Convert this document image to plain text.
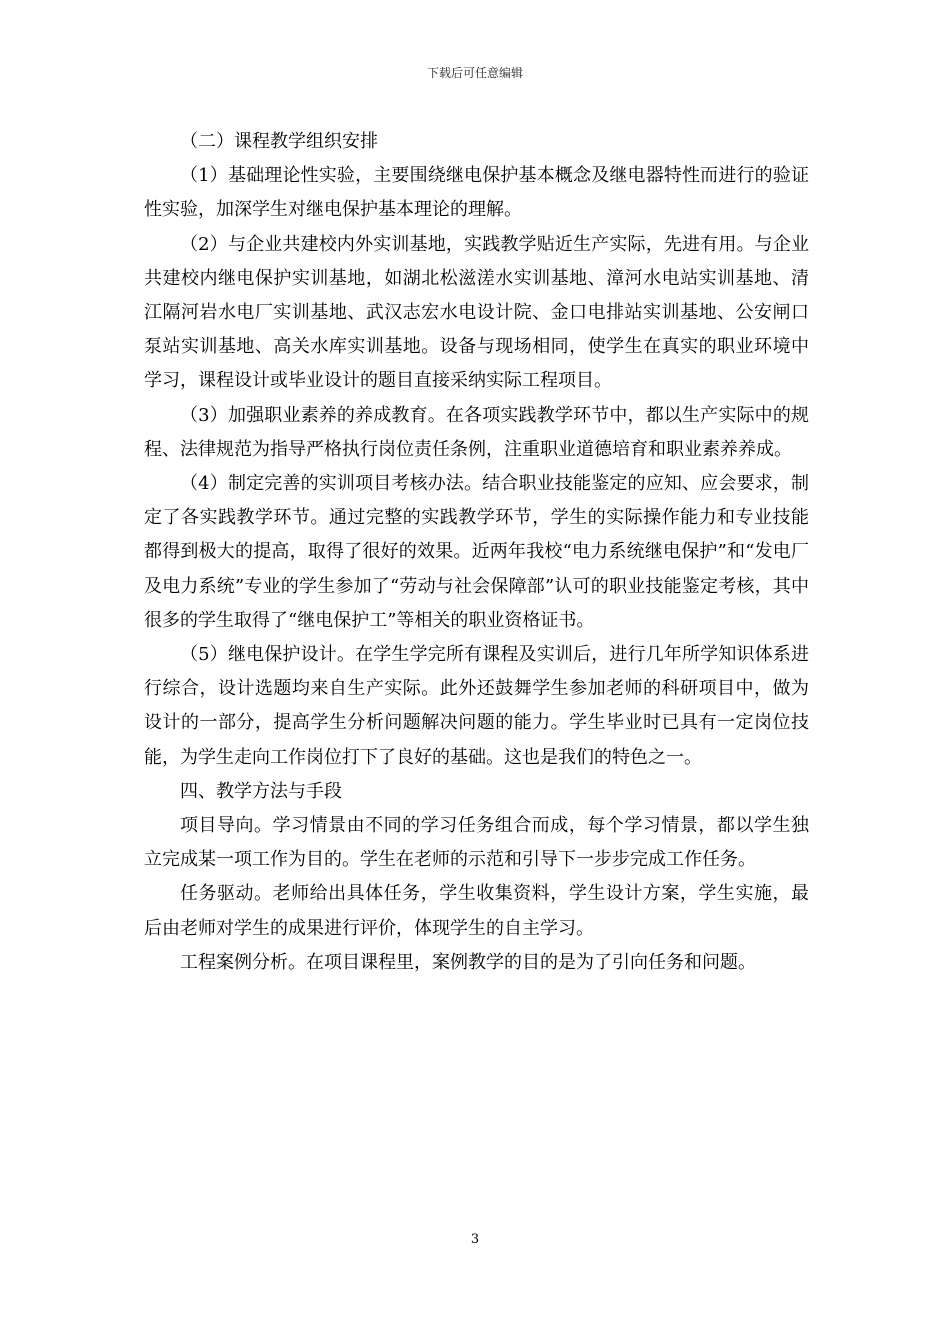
下载后可任意编辑

（二）课程教学组织安排

（1）基础理论性实验，主要围绕继电保护基本概念及继电器特性而进行的验证性实验，加深学生对继电保护基本理论的理解。

（2）与企业共建校内外实训基地，实践教学贴近生产实际，先进有用。与企业共建校内继电保护实训基地，如湖北松滋溠水实训基地、漳河水电站实训基地、清江隔河岩水电厂实训基地、武汉志宏水电设计院、金口电排站实训基地、公安闸口泵站实训基地、高关水库实训基地。设备与现场相同，使学生在真实的职业环境中学习，课程设计或毕业设计的题目直接采纳实际工程项目。

（3）加强职业素养的养成教育。在各项实践教学环节中，都以生产实际中的规程、法律规范为指导严格执行岗位责任条例，注重职业道德培育和职业素养养成。

（4）制定完善的实训项目考核办法。结合职业技能鉴定的应知、应会要求，制定了各实践教学环节。通过完整的实践教学环节，学生的实际操作能力和专业技能都得到极大的提高，取得了很好的效果。近两年我校“电力系统继电保护”和“发电厂及电力系统”专业的学生参加了“劳动与社会保障部”认可的职业技能鉴定考核，其中很多的学生取得了“继电保护工”等相关的职业资格证书。

（5）继电保护设计。在学生学完所有课程及实训后，进行几年所学知识体系进行综合，设计选题均来自生产实际。此外还鼓舞学生参加老师的科研项目中，做为设计的一部分，提高学生分析问题解决问题的能力。学生毕业时已具有一定岗位技能，为学生走向工作岗位打下了良好的基础。这也是我们的特色之一。

四、教学方法与手段

项目导向。学习情景由不同的学习任务组合而成，每个学习情景，都以学生独立完成某一项工作为目的。学生在老师的示范和引导下一步步完成工作任务。

任务驱动。老师给出具体任务，学生收集资料，学生设计方案，学生实施，最后由老师对学生的成果进行评价，体现学生的自主学习。

工程案例分析。在项目课程里，案例教学的目的是为了引向任务和问题。

3
